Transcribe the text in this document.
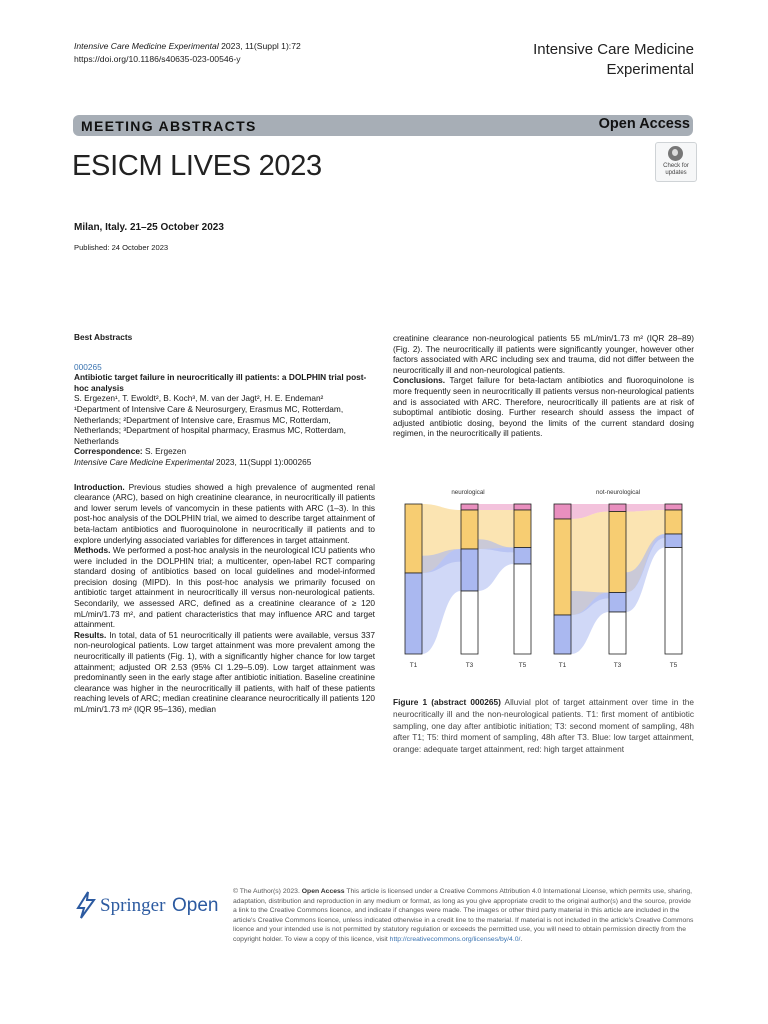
Intensive Care Medicine Experimental 2023, 11(Suppl 1):72
https://doi.org/10.1186/s40635-023-00546-y
Intensive Care Medicine
Experimental
MEETING ABSTRACTS	Open Access
ESICM LIVES 2023	Check for updates
Milan, Italy. 21–25 October 2023
Published: 24 October 2023

Best Abstracts

000265

Antibiotic target failure in neurocritically ill patients: a DOLPHIN trial post-hoc analysis

S. Ergezen¹, T. Ewoldt², B. Koch³, M. van der Jagt², H. E. Endeman²

¹Department of Intensive Care & Neurosurgery, Erasmus MC, Rotterdam, Netherlands; ²Department of Intensive care, Erasmus MC, Rotterdam, Netherlands; ³Department of hospital pharmacy, Erasmus MC, Rotterdam, Netherlands

Correspondence: S. Ergezen

Intensive Care Medicine Experimental 2023, 11(Suppl 1):000265

Introduction. Previous studies showed a high prevalence of augmented renal clearance (ARC), based on high creatinine clearance, in neurocritically ill patients and lower serum levels of vancomycin in these patients with ARC (1–3). In this post-hoc analysis of the DOLPHIN trial, we aimed to describe target attainment of beta-lactam antibiotics and fluoroquinolone in neurocritically ill patients and to explore underlying associated variables for differences in target attainment.

Methods. We performed a post-hoc analysis in the neurological ICU patients who were included in the DOLPHIN trial; a multicenter, open-label RCT comparing standard dosing of antibiotics based on local guidelines and model-informed precision dosing (MIPD). In this post-hoc analysis we primarily focused on antibiotic target attainment in neurocritically ill versus non-neurological patients. Secondarily, we assessed ARC, defined as a creatinine clearance of ≥ 120 mL/min/1.73 m², and patient characteristics that may influence ARC and target attainment.

Results. In total, data of 51 neurocritically ill patients were available, versus 337 non-neurological patients. Low target attainment was more prevalent among the neurocritically ill patients (Fig. 1), with a significantly higher chance for low target attainment; adjusted OR 2.53 (95% CI 1.29–5.09). Low target attainment was predominantly seen in the early stage after antibiotic initiation. Baseline creatinine clearance was higher in the neurocritically ill patients, with half of these patients reaching levels of ARC; median creatinine clearance neurocritically ill patients 120 mL/min/1.73 m² (IQR 95–136), median

creatinine clearance non-neurological patients 55 mL/min/1.73 m² (IQR 28–89) (Fig. 2). The neurocritically ill patients were significantly younger, however other factors associated with ARC including sex and trauma, did not differ between the neurocritically ill and non-neurological patients.

Conclusions. Target failure for beta-lactam antibiotics and fluoroquinolone is more frequently seen in neurocritically ill patients versus non-neurological patients and is associated with ARC. Therefore, neurocritically ill patients are at risk of suboptimal antibiotic dosing. Further research should assess the impact of adjusted antibiotic dosing, beyond the limits of the current standard dosing regimen, in the neurocritically ill patients.

neurological
T1	T3	T5
not-neurological
T1	T3	T5
Figure 1 (abstract 000265) Alluvial plot of target attainment over time in the neurocritically ill and the non-neurological patients. T1: first moment of antibiotic sampling, one day after antibiotic initiation; T3: second moment of sampling, 48h after T1; T5: third moment of sampling, 48h after T3. Blue: low target attainment, orange: adequate target attainment, red: high target attainment
Springer Open
© The Author(s) 2023. Open Access This article is licensed under a Creative Commons Attribution 4.0 International License, which permits use, sharing, adaptation, distribution and reproduction in any medium or format, as long as you give appropriate credit to the original author(s) and the source, provide a link to the Creative Commons licence, and indicate if changes were made. The images or other third party material in this article are included in the article's Creative Commons licence, unless indicated otherwise in a credit line to the material. If material is not included in the article's Creative Commons licence and your intended use is not permitted by statutory regulation or exceeds the permitted use, you will need to obtain permission directly from the copyright holder. To view a copy of this licence, visit http://creativecommons.org/licenses/by/4.0/.
